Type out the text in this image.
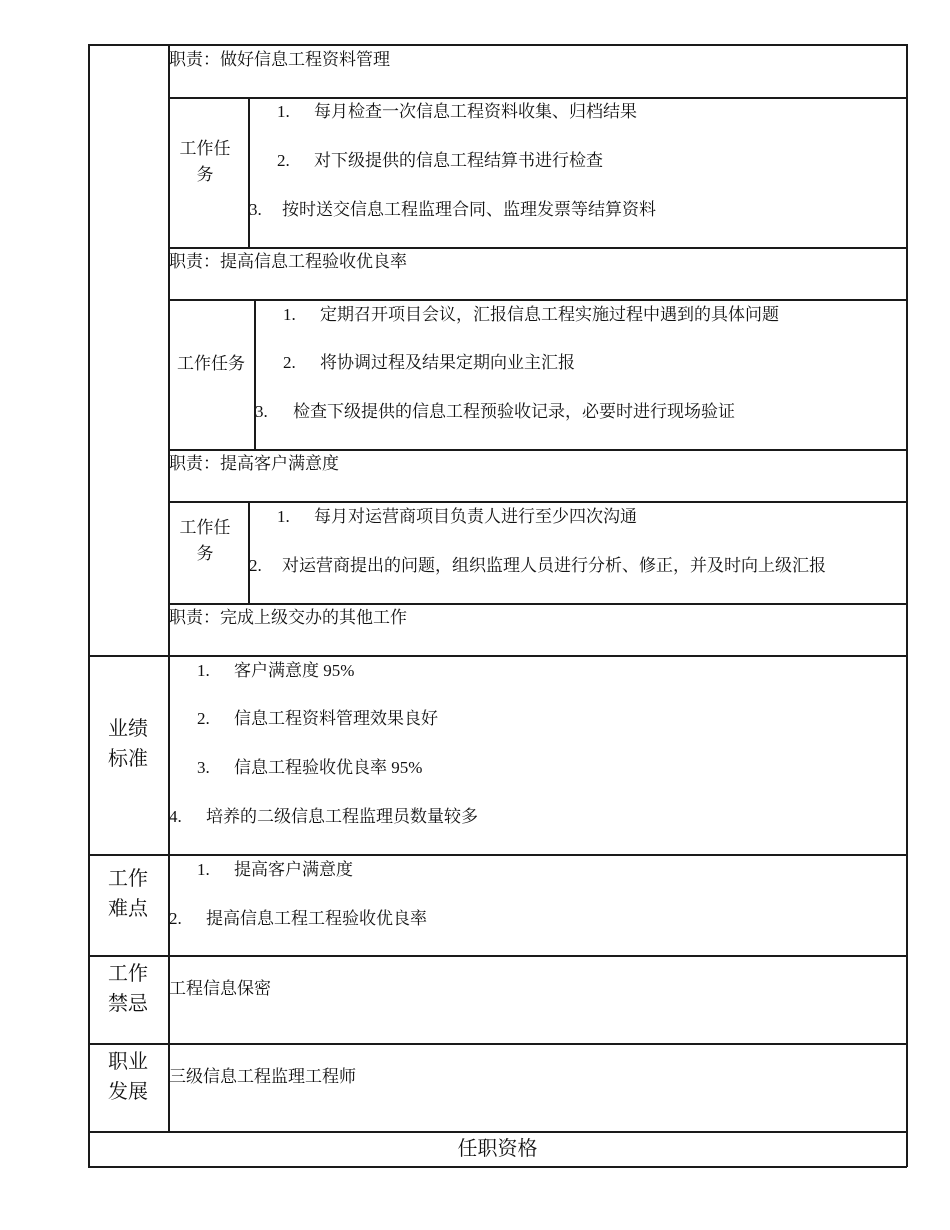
职责：做好信息工程资料管理
工作任务
1. 每月检查一次信息工程资料收集、归档结果
2. 对下级提供的信息工程结算书进行检查
3. 按时送交信息工程监理合同、监理发票等结算资料
职责：提高信息工程验收优良率
工作任务
1. 定期召开项目会议，汇报信息工程实施过程中遇到的具体问题
2. 将协调过程及结果定期向业主汇报
3. 检查下级提供的信息工程预验收记录，必要时进行现场验证
职责：提高客户满意度
工作任务
1. 每月对运营商项目负责人进行至少四次沟通
2. 对运营商提出的问题，组织监理人员进行分析、修正，并及时向上级汇报
职责：完成上级交办的其他工作
业绩标准
1. 客户满意度 95%
2. 信息工程资料管理效果良好
3. 信息工程验收优良率 95%
4. 培养的二级信息工程监理员数量较多
工作难点
1. 提高客户满意度
2. 提高信息工程工程验收优良率
工作禁忌
工程信息保密
职业发展
三级信息工程监理工程师
任职资格
